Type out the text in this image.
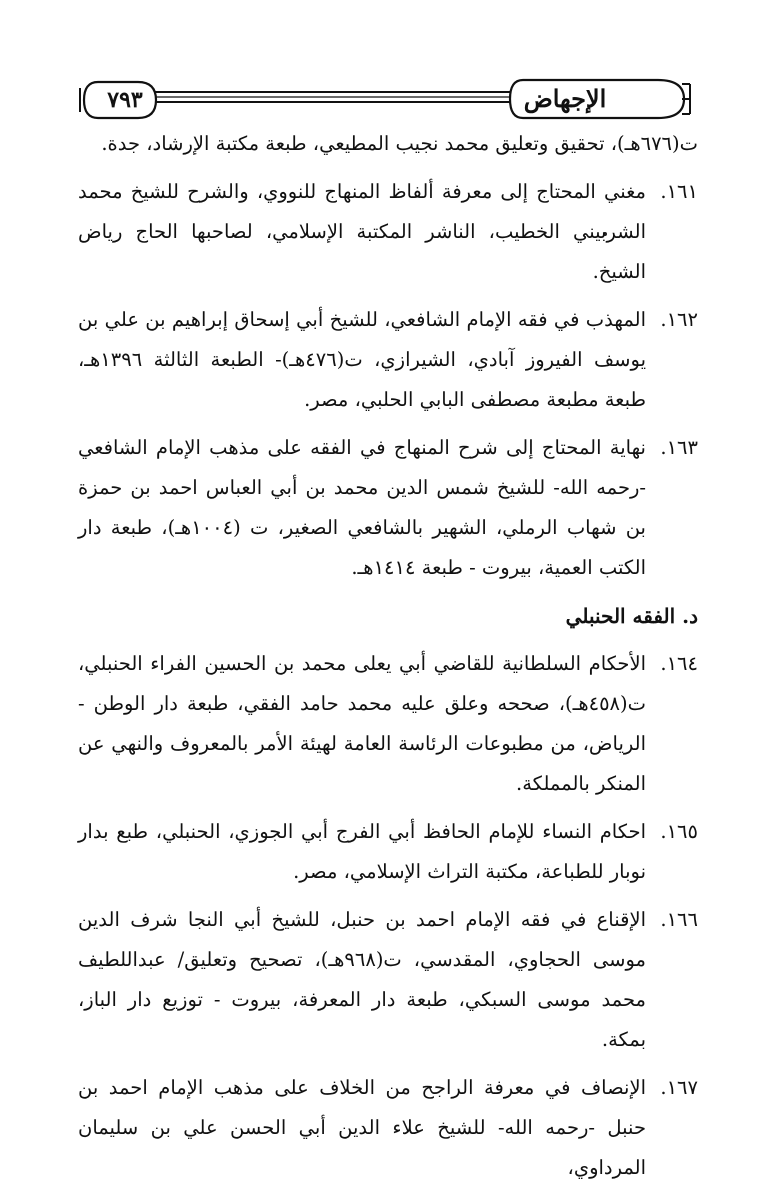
الإجهاض
٧٩٣

ت(٦٧٦هـ)، تحقيق وتعليق محمد نجيب المطيعي، طبعة مكتبة الإرشاد، جدة.

١٦١.مغني المحتاج إلى معرفة ألفاظ المنهاج للنووي، والشرح للشيخ محمد الشربيني الخطيب، الناشر المكتبة الإسلامي، لصاحبها الحاج رياض الشيخ.

١٦٢.المهذب في فقه الإمام الشافعي، للشيخ أبي إسحاق إبراهيم بن علي بن يوسف الفيروز آبادي، الشيرازي، ت(٤٧٦هـ)- الطبعة الثالثة ١٣٩٦هـ، طبعة مطبعة مصطفى البابي الحلبي، مصر.

١٦٣.نهاية المحتاج إلى شرح المنهاج في الفقه على مذهب الإمام الشافعي -رحمه الله- للشيخ شمس الدين محمد بن أبي العباس احمد بن حمزة بن شهاب الرملي، الشهير بالشافعي الصغير، ت (١٠٠٤هـ)، طبعة دار الكتب العمية، بيروت - طبعة ١٤١٤هـ.

د. الفقه الحنبلي

١٦٤.الأحكام السلطانية للقاضي أبي يعلى محمد بن الحسين الفراء الحنبلي، ت(٤٥٨هـ)، صححه وعلق عليه محمد حامد الفقي، طبعة دار الوطن - الرياض، من مطبوعات الرئاسة العامة لهيئة الأمر بالمعروف والنهي عن المنكر بالمملكة.

١٦٥.احكام النساء للإمام الحافظ أبي الفرج أبي الجوزي، الحنبلي، طبع بدار نوبار للطباعة، مكتبة التراث الإسلامي، مصر.

١٦٦.الإقناع في فقه الإمام احمد بن حنبل، للشيخ أبي النجا شرف الدين موسى الحجاوي، المقدسي، ت(٩٦٨هـ)، تصحيح وتعليق/ عبداللطيف محمد موسى السبكي، طبعة دار المعرفة، بيروت - توزيع دار الباز، بمكة.

١٦٧.الإنصاف في معرفة الراجح من الخلاف على مذهب الإمام احمد بن حنبل -رحمه الله- للشيخ علاء الدين أبي الحسن علي بن سليمان المرداوي،
